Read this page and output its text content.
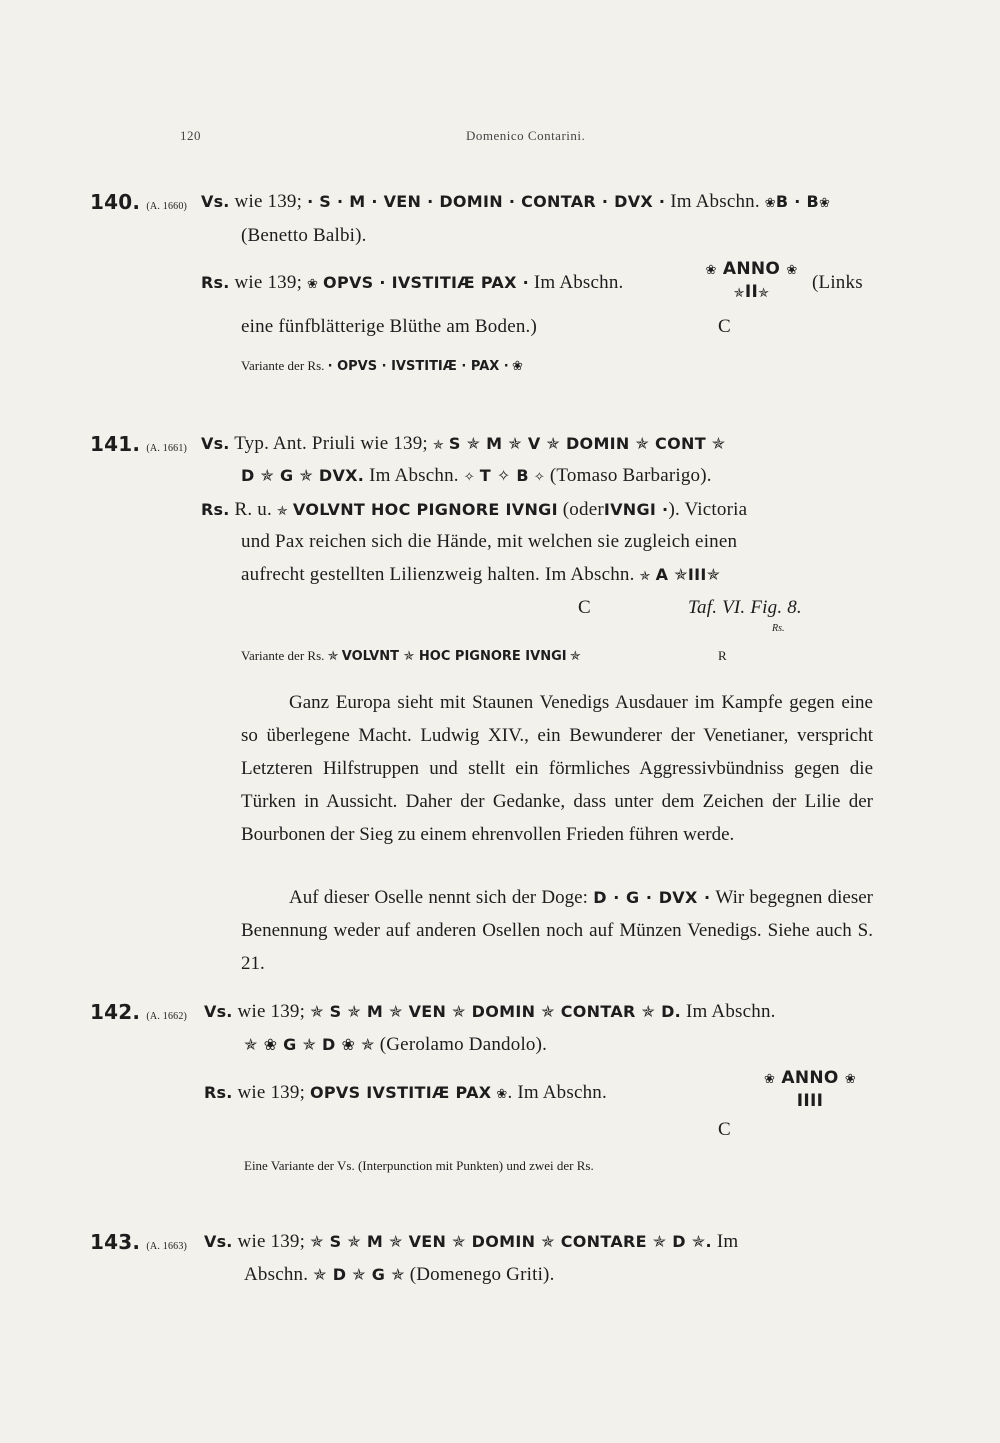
120	Domenico Contarini.
140. (A. 1660) Vs. wie 139; · S · M · VEN · DOMIN · CONTAR · DVX · Im Abschn. ❀B · B❀
(Benetto Balbi).
Rs. wie 139; ❀ OPVS · IVSTITIÆ PAX · Im Abschn.
❀ ANNO ❀
✯II✯
(Links
eine fünfblätterige Blüthe am Boden.)	C
Variante der Rs. · OPVS · IVSTITIÆ · PAX · ❀
141. (A. 1661) Vs. Typ. Ant. Priuli wie 139; ✯ S ✯ M ✯ V ✯ DOMIN ✯ CONT ✯
D ✯ G ✯ DVX. Im Abschn. ✧ T ✧ B ✧ (Tomaso Barbarigo).
Rs. R. u. ✯ VOLVNT HOC PIGNORE IVNGI (oderIVNGI ·). Victoria
und Pax reichen sich die Hände, mit welchen sie zugleich einen
aufrecht gestellten Lilienzweig halten. Im Abschn. ✯ A ✯III✯
C	Taf. VI. Fig. 8.
Rs.
Variante der Rs. ✯ VOLVNT ✯ HOC PIGNORE IVNGI ✯	R
Ganz Europa sieht mit Staunen Venedigs Ausdauer im Kampfe gegen eine so überlegene Macht. Ludwig XIV., ein Bewunderer der Venetianer, verspricht Letzteren Hilfstruppen und stellt ein förmliches Aggressivbündniss gegen die Türken in Aussicht. Daher der Gedanke, dass unter dem Zeichen der Lilie der Bourbonen der Sieg zu einem ehrenvollen Frieden führen werde.
Auf dieser Oselle nennt sich der Doge: D · G · DVX · Wir begegnen dieser Benennung weder auf anderen Osellen noch auf Münzen Venedigs. Siehe auch S. 21.
142. (A. 1662) Vs. wie 139; ✯ S ✯ M ✯ VEN ✯ DOMIN ✯ CONTAR ✯ D. Im Abschn.
✯ ❀ G ✯ D ❀ ✯ (Gerolamo Dandolo).
Rs. wie 139; OPVS IVSTITIÆ PAX ❀. Im Abschn.
❀ ANNO ❀
IIII
C
Eine Variante der Vs. (Interpunction mit Punkten) und zwei der Rs.
143. (A. 1663) Vs. wie 139; ✯ S ✯ M ✯ VEN ✯ DOMIN ✯ CONTARE ✯ D ✯. Im
Abschn. ✯ D ✯ G ✯ (Domenego Griti).
